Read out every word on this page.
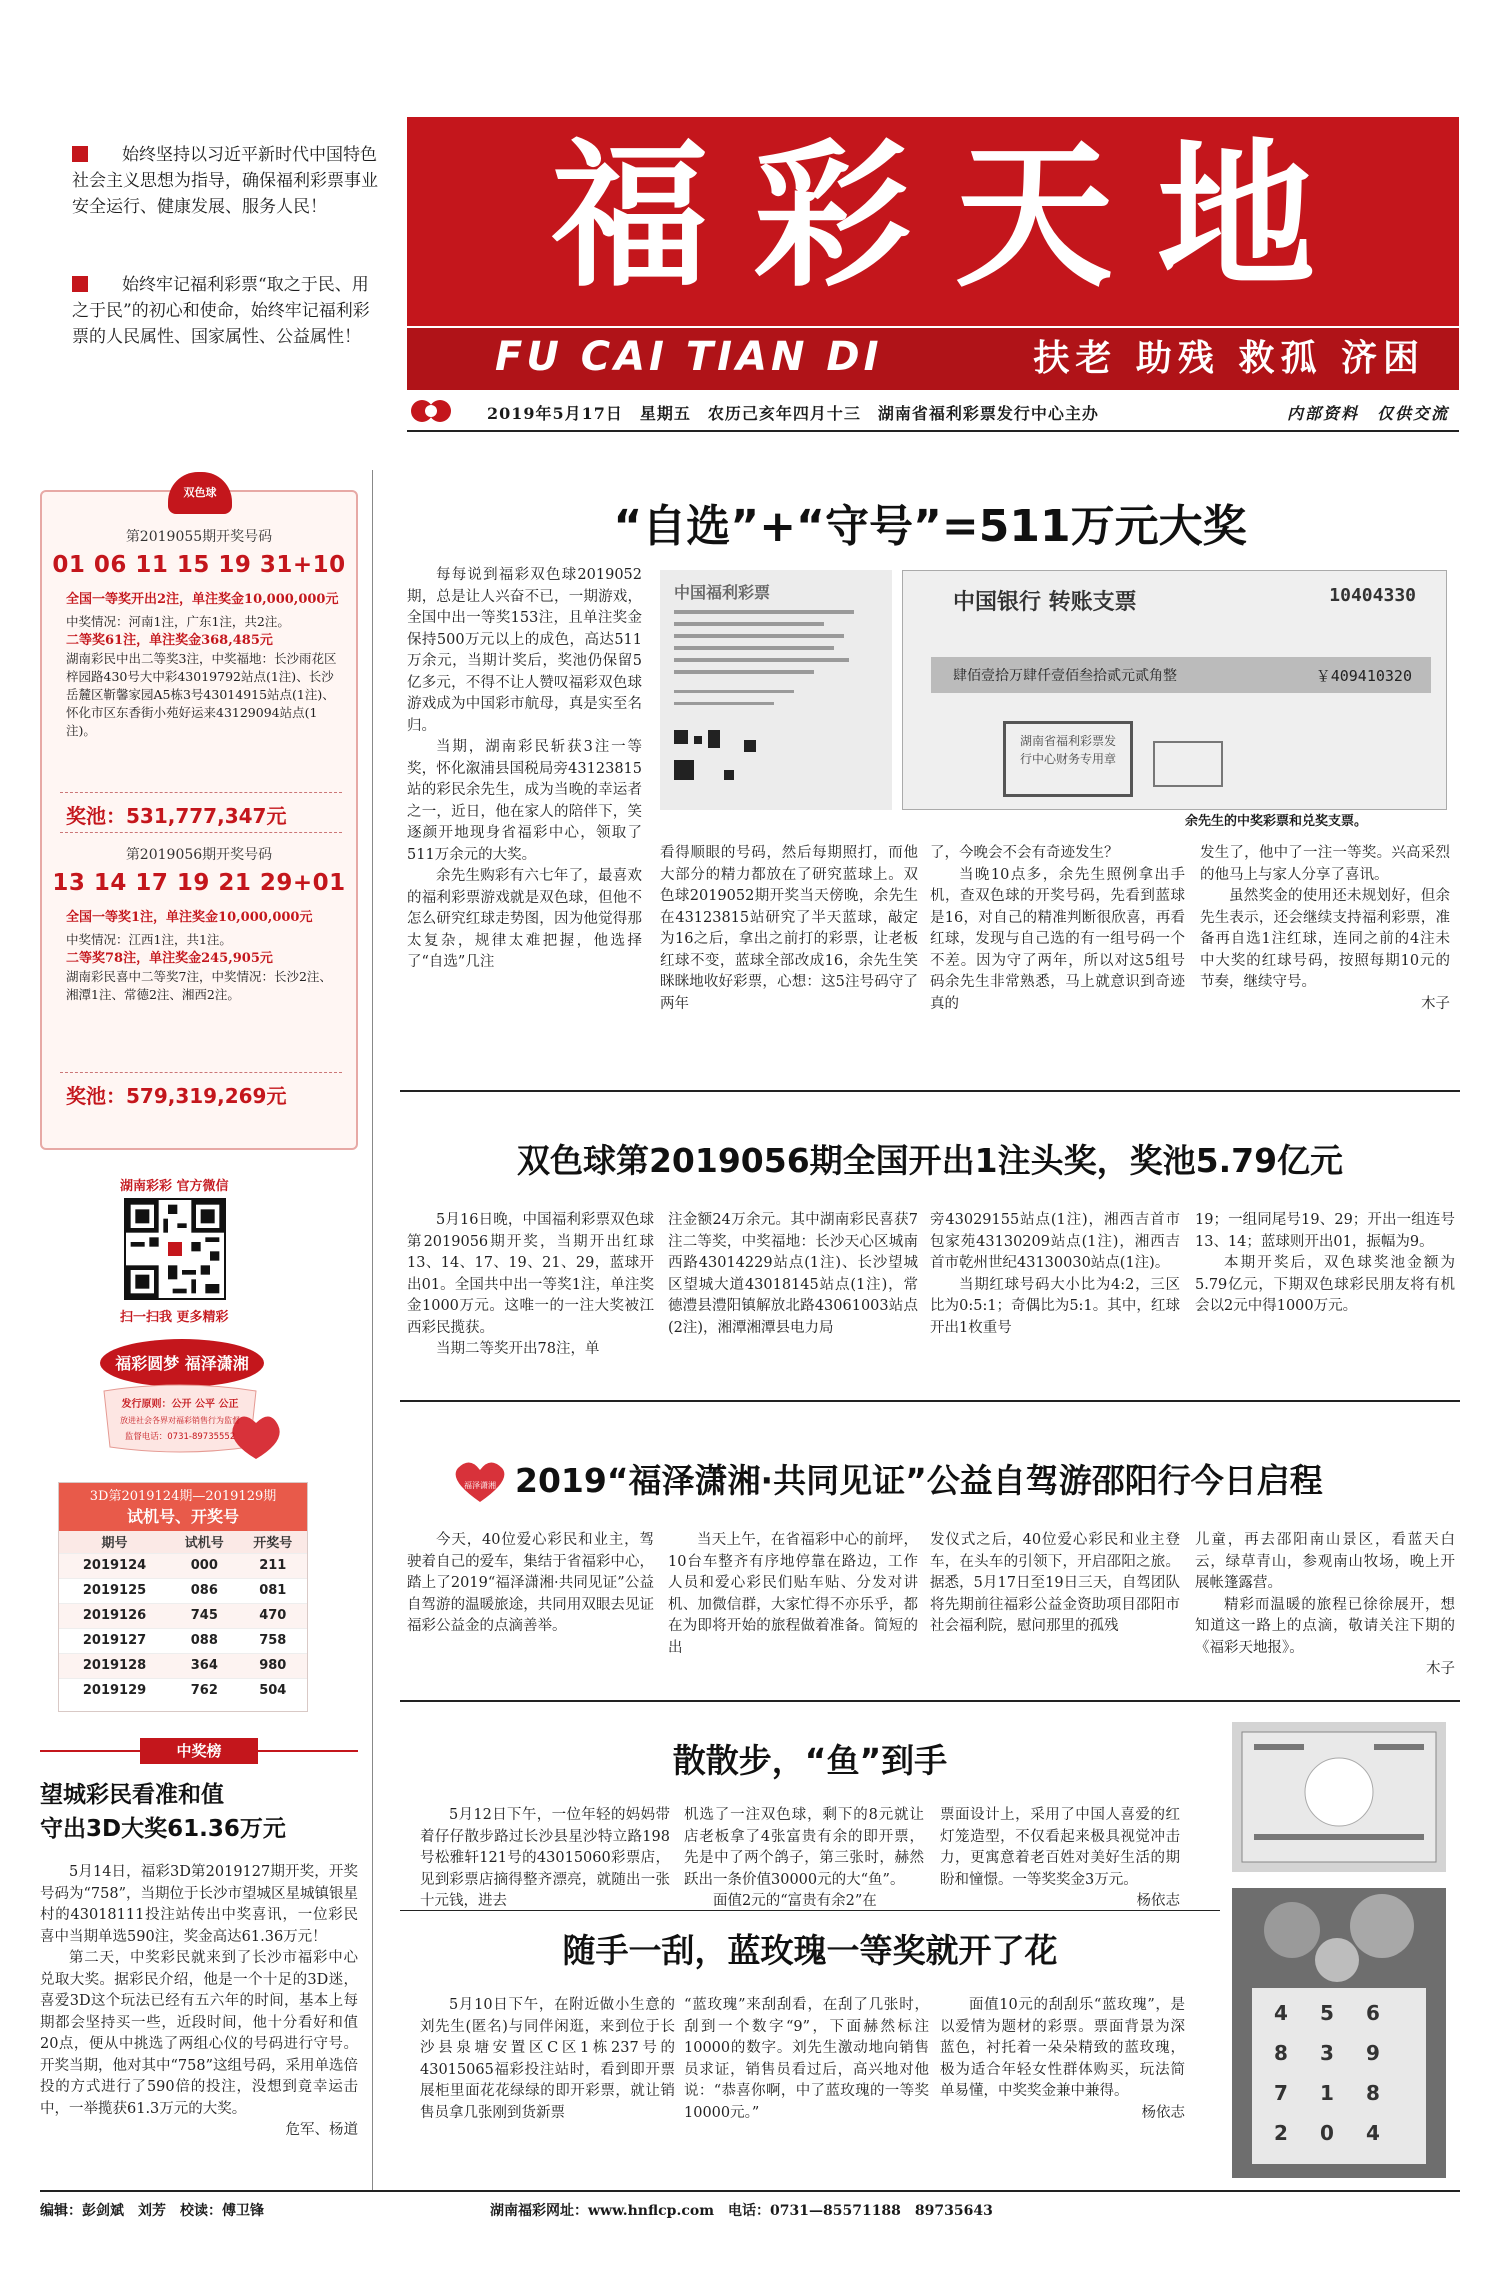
始终坚持以习近平新时代中国特色社会主义思想为指导，确保福利彩票事业安全运行、健康发展、服务人民！
始终牢记福利彩票“取之于民、用之于民”的初心和使命，始终牢记福利彩票的人民属性、国家属性、公益属性！
福 彩 天 地
FU CAI TIAN DI	扶老 助残 救孤 济困
2019年5月17日　星期五　农历己亥年四月十三　湖南省福利彩票发行中心主办	内部资料　仅供交流
双色球
第2019055期开奖号码
01 06 11 15 19 31+10
全国一等奖开出2注，单注奖金10,000,000元
中奖情况：河南1注，广东1注，共2注。
二等奖61注，单注奖金368,485元
湖南彩民中出二等奖3注，中奖福地：长沙雨花区梓园路430号大中彩43019792站点(1注)、长沙岳麓区靳馨家园A5栋3号43014915站点(1注)、怀化市区东香街小苑好运来43129094站点(1注)。
奖池：531,777,347元
第2019056期开奖号码
13 14 17 19 21 29+01
全国一等奖1注，单注奖金10,000,000元
中奖情况：江西1注，共1注。
二等奖78注，单注奖金245,905元
湖南彩民喜中二等奖7注，中奖情况：长沙2注、湘潭1注、常德2注、湘西2注。
奖池：579,319,269元
湖南彩彩 官方微信
扫一扫我 更多精彩
福彩圆梦 福泽潇湘
发行原则：公开 公平 公正
放进社会各界对福彩销售行为监督
监督电话：0731-89735552
3D第2019124期—2019129期
试机号、开奖号
期号	试机号	开奖号
2019124	000	211
2019125	086	081
2019126	745	470
2019127	088	758
2019128	364	980
2019129	762	504
中奖榜
望城彩民看准和值
守出3D大奖61.36万元

5月14日，福彩3D第2019127期开奖，开奖号码为“758”，当期位于长沙市望城区星城镇银星村的43018111投注站传出中奖喜讯，一位彩民喜中当期单选590注，奖金高达61.36万元！

第二天，中奖彩民就来到了长沙市福彩中心兑取大奖。据彩民介绍，他是一个十足的3D迷，喜爱3D这个玩法已经有五六年的时间，基本上每期都会坚持买一些，近段时间，他十分看好和值20点，便从中挑选了两组心仪的号码进行守号。开奖当期，他对其中“758”这组号码，采用单选倍投的方式进行了590倍的投注，没想到竟幸运击中，一举揽获61.3万元的大奖。

危军、杨道

“自选”+“守号”=511万元大奖

每每说到福彩双色球2019052期，总是让人兴奋不已，一期游戏，全国中出一等奖153注，且单注奖金保持500万元以上的成色，高达511万余元，当期计奖后，奖池仍保留5亿多元，不得不让人赞叹福彩双色球游戏成为中国彩市航母，真是实至名归。

当期，湖南彩民斩获3注一等奖，怀化溆浦县国税局旁43123815站的彩民余先生，成为当晚的幸运者之一，近日，他在家人的陪伴下，笑逐颜开地现身省福彩中心，领取了511万余元的大奖。

余先生购彩有六七年了，最喜欢的福利彩票游戏就是双色球，但他不怎么研究红球走势图，因为他觉得那太复杂，规律太难把握，他选择了“自选”几注

中国福利彩票	中国银行 转账支票	10404330
肆佰壹拾万肆仟壹佰叁拾贰元贰角整	￥409410320
湖南省福利彩票发行中心财务专用章
余先生的中奖彩票和兑奖支票。

看得顺眼的号码，然后每期照打，而他大部分的精力都放在了研究蓝球上。双色球2019052期开奖当天傍晚，余先生在43123815站研究了半天蓝球，敲定为16之后，拿出之前打的彩票，让老板红球不变，蓝球全部改成16，余先生笑眯眯地收好彩票，心想：这5注号码守了两年

了，今晚会不会有奇迹发生？

当晚10点多，余先生照例拿出手机，查双色球的开奖号码，先看到蓝球是16，对自己的精准判断很欣喜，再看红球，发现与自己选的有一组号码一个不差。因为守了两年，所以对这5组号码余先生非常熟悉，马上就意识到奇迹真的

发生了，他中了一注一等奖。兴高采烈的他马上与家人分享了喜讯。

虽然奖金的使用还未规划好，但余先生表示，还会继续支持福利彩票，准备再自选1注红球，连同之前的4注未中大奖的红球号码，按照每期10元的节奏，继续守号。

木子

双色球第2019056期全国开出1注头奖，奖池5.79亿元

5月16日晚，中国福利彩票双色球第2019056期开奖，当期开出红球13、14、17、19、21、29，蓝球开出01。全国共中出一等奖1注，单注奖金1000万元。这唯一的一注大奖被江西彩民揽获。

当期二等奖开出78注，单

注金额24万余元。其中湖南彩民喜获7注二等奖，中奖福地：长沙天心区城南西路43014229站点(1注)、长沙望城区望城大道43018145站点(1注)，常德澧县澧阳镇解放北路43061003站点(2注)，湘潭湘潭县电力局

旁43029155站点(1注)，湘西吉首市包家苑43130209站点(1注)，湘西吉首市乾州世纪43130030站点(1注)。

当期红球号码大小比为4:2，三区比为0:5:1；奇偶比为5:1。其中，红球开出1枚重号

19；一组同尾号19、29；开出一组连号13、14；蓝球则开出01，振幅为9。

本期开奖后，双色球奖池金额为5.79亿元，下期双色球彩民朋友将有机会以2元中得1000万元。

福泽潇湘 2019“福泽潇湘·共同见证”公益自驾游邵阳行今日启程

今天，40位爱心彩民和业主，驾驶着自己的爱车，集结于省福彩中心，踏上了2019“福泽潇湘·共同见证”公益自驾游的温暖旅途，共同用双眼去见证福彩公益金的点滴善举。

当天上午，在省福彩中心的前坪，10台车整齐有序地停靠在路边，工作人员和爱心彩民们贴车贴、分发对讲机、加微信群，大家忙得不亦乐乎，都在为即将开始的旅程做着准备。简短的出

发仪式之后，40位爱心彩民和业主登车，在头车的引领下，开启邵阳之旅。据悉，5月17日至19日三天，自驾团队将先期前往福彩公益金资助项目邵阳市社会福利院，慰问那里的孤残

儿童，再去邵阳南山景区，看蓝天白云，绿草青山，参观南山牧场，晚上开展帐篷露营。

精彩而温暖的旅程已徐徐展开，想知道这一路上的点滴，敬请关注下期的《福彩天地报》。

木子

散散步，“鱼”到手

5月12日下午，一位年轻的妈妈带着仔仔散步路过长沙县星沙特立路198号松雅轩121号的43015060彩票店，见到彩票店摘得整齐漂亮，就随出一张十元钱，进去

机选了一注双色球，剩下的8元就让店老板拿了4张富贵有余的即开票，先是中了两个鸽子，第三张时，赫然跃出一条价值30000元的大“鱼”。

面值2元的“富贵有余2”在

票面设计上，采用了中国人喜爱的红灯笼造型，不仅看起来极具视觉冲击力，更寓意着老百姓对美好生活的期盼和憧憬。一等奖奖金3万元。

杨依志

随手一刮，蓝玫瑰一等奖就开了花

5月10日下午，在附近做小生意的刘先生(匿名)与同伴闲逛，来到位于长沙县泉塘安置区C区1栋237号的43015065福彩投注站时，看到即开票展柜里面花花绿绿的即开彩票，就让销售员拿几张刚到货新票

“蓝玫瑰”来刮刮看，在刮了几张时，刮到一个数字“9”，下面赫然标注10000的数字。刘先生激动地向销售员求证，销售员看过后，高兴地对他说：“恭喜你啊，中了蓝玫瑰的一等奖10000元。”

面值10元的刮刮乐“蓝玫瑰”，是以爱情为题材的彩票。票面背景为深蓝色，衬托着一朵朵精致的蓝玫瑰，极为适合年轻女性群体购买，玩法简单易懂，中奖奖金兼中兼得。

杨依志

4 5 6
8 3 9
7 1 8
2 0 4
编辑：彭剑斌　刘芳　校读：傅卫锋	湖南福彩网址：www.hnflcp.com　电话：0731—85571188　89735643
